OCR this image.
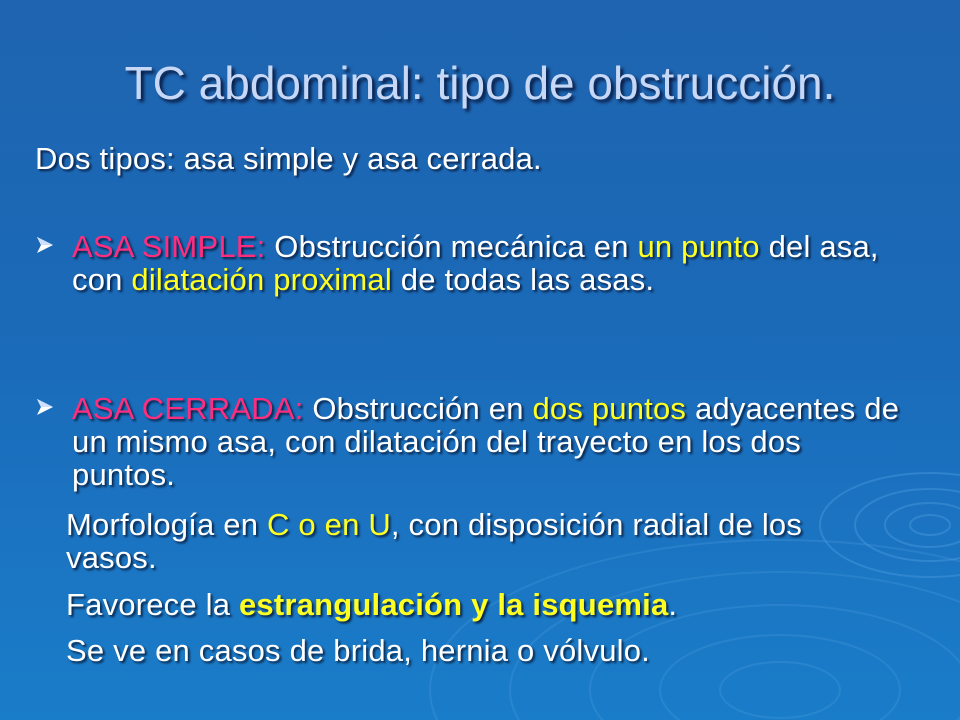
TC abdominal: tipo de obstrucción.
Dos tipos: asa simple y asa cerrada.
ASA SIMPLE: Obstrucción mecánica en un punto del asa, con dilatación proximal de todas las asas.
ASA CERRADA: Obstrucción en dos puntos adyacentes de un mismo asa, con dilatación del trayecto en los dos puntos.
Morfología en C o en U, con disposición radial de los vasos.
Favorece la estrangulación y la isquemia.
Se ve en casos de brida, hernia o vólvulo.
